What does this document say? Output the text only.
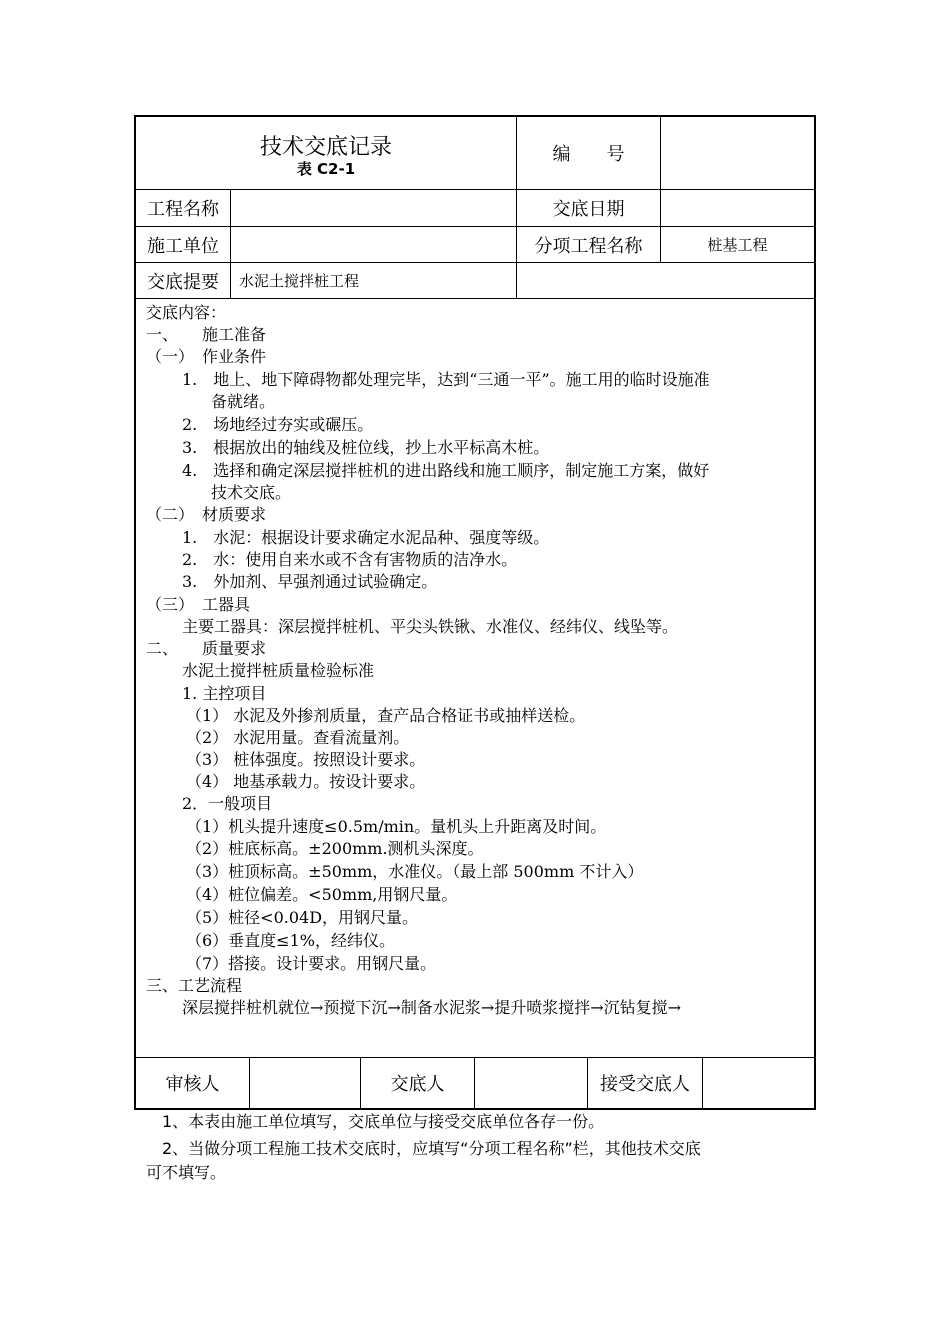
技术交底记录
表 C2-1
编　　号
工程名称	交底日期
施工单位	分项工程名称	桩基工程
交底提要	水泥土搅拌桩工程
交底内容：
一、　　施工准备
（一）　作业条件
1.　地上、地下障碍物都处理完毕，达到“三通一平”。施工用的临时设施准
备就绪。
2.　场地经过夯实或碾压。
3.　根据放出的轴线及桩位线，抄上水平标高木桩。
4.　选择和确定深层搅拌桩机的进出路线和施工顺序，制定施工方案，做好
技术交底。
（二）　材质要求
1.　水泥：根据设计要求确定水泥品种、强度等级。
2.　水：使用自来水或不含有害物质的洁净水。
3.　外加剂、早强剂通过试验确定。
（三）　工器具
主要工器具：深层搅拌桩机、平尖头铁锹、水准仪、经纬仪、线坠等。
二、　　质量要求
水泥土搅拌桩质量检验标准
1. 主控项目
（1） 水泥及外掺剂质量，查产品合格证书或抽样送检。
（2） 水泥用量。查看流量剂。
（3） 桩体强度。按照设计要求。
（4） 地基承载力。按设计要求。
2．一般项目
（1）机头提升速度≤0.5m/min。量机头上升距离及时间。
（2）桩底标高。±200mm.测机头深度。
（3）桩顶标高。±50mm，水准仪。（最上部 500mm 不计入）
（4）桩位偏差。<50mm,用钢尺量。
（5）桩径<0.04D，用钢尺量。
（6）垂直度≤1%，经纬仪。
（7）搭接。设计要求。用钢尺量。
三、工艺流程
深层搅拌桩机就位→预搅下沉→制备水泥浆→提升喷浆搅拌→沉钻复搅→
审核人	交底人	接受交底人
1、本表由施工单位填写，交底单位与接受交底单位各存一份。
2、当做分项工程施工技术交底时，应填写“分项工程名称”栏，其他技术交底
可不填写。
